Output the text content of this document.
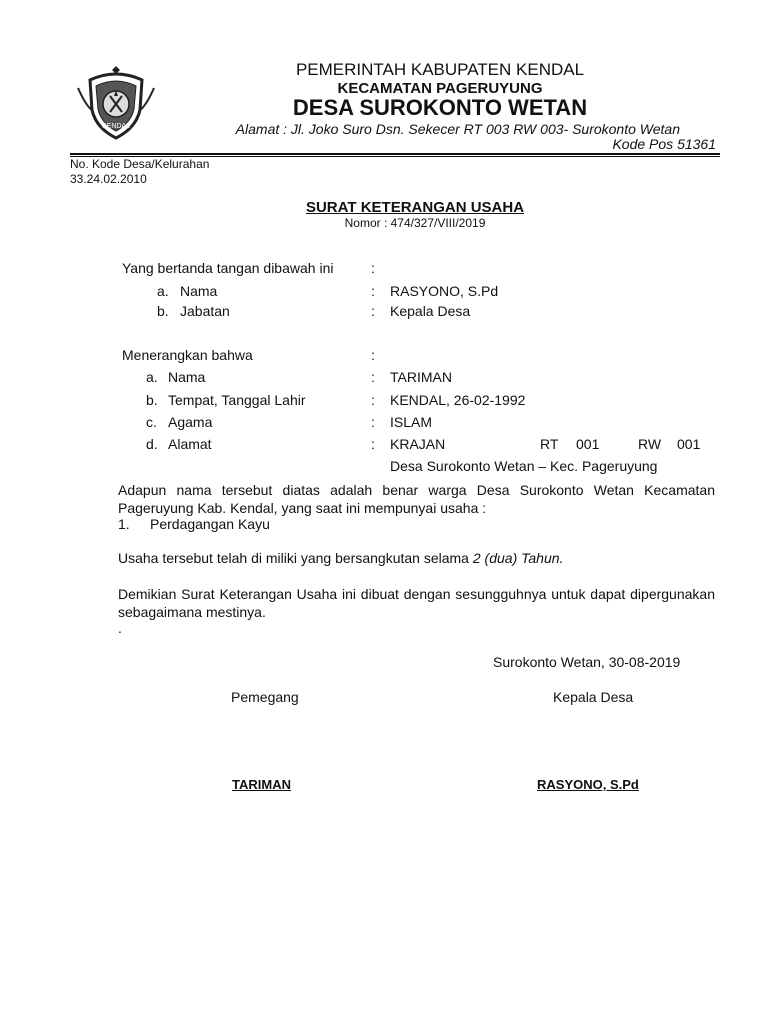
KENDAL
PEMERINTAH KABUPATEN KENDAL
KECAMATAN PAGERUYUNG
DESA SUROKONTO WETAN
Alamat : Jl. Joko Suro Dsn. Sekecer RT 003 RW 003- Surokonto Wetan
Kode Pos 51361
No. Kode Desa/Kelurahan
33.24.02.2010
SURAT KETERANGAN USAHA
Nomor : 474/327/VIII/2019
Yang bertanda tangan dibawah ini	:
a. Nama	: RASYONO, S.Pd
b. Jabatan	: Kepala Desa
Menerangkan bahwa	:
a. Nama	: TARIMAN
b. Tempat, Tanggal Lahir	: KENDAL, 26-02-1992
c. Agama	: ISLAM
d. Alamat	: KRAJAN	RT 001	RW 001
Desa Surokonto Wetan – Kec. Pageruyung
Adapun nama tersebut diatas adalah benar warga Desa Surokonto Wetan Kecamatan Pageruyung Kab. Kendal, yang saat ini mempunyai usaha :
1. Perdagangan Kayu
Usaha tersebut telah di miliki yang bersangkutan selama 2 (dua) Tahun.
Demikian Surat Keterangan Usaha ini dibuat dengan sesungguhnya untuk dapat dipergunakan sebagaimana mestinya.
.
Surokonto Wetan, 30-08-2019
Pemegang	Kepala Desa
TARIMAN	RASYONO, S.Pd
